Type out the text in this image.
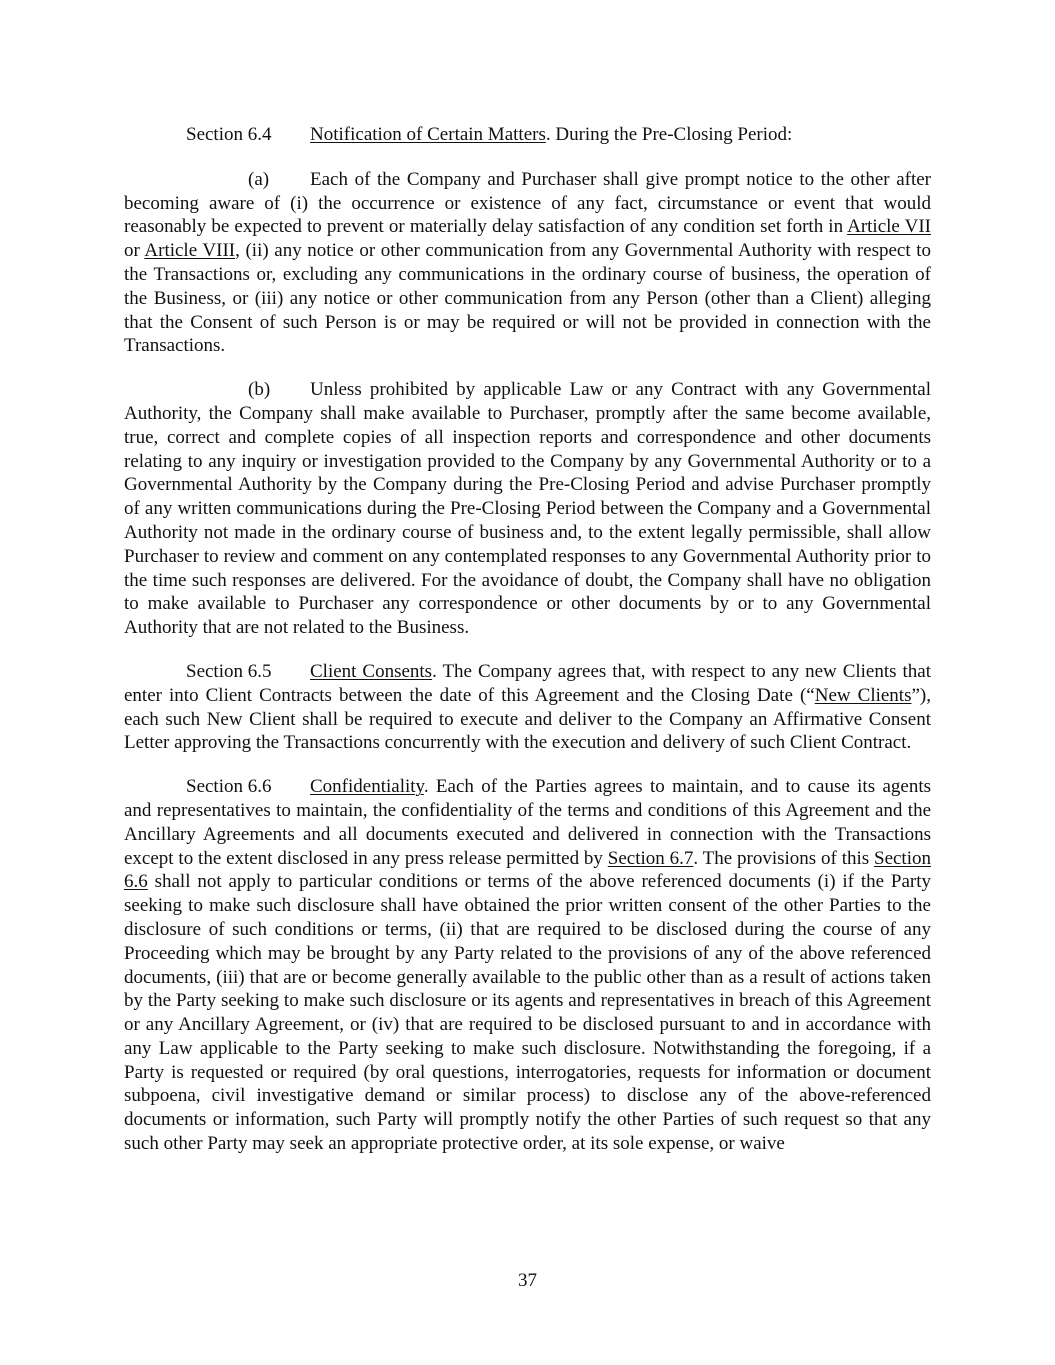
Section 6.4 Notification of Certain Matters. During the Pre-Closing Period:

(a) Each of the Company and Purchaser shall give prompt notice to the other after becoming aware of (i) the occurrence or existence of any fact, circumstance or event that would reasonably be expected to prevent or materially delay satisfaction of any condition set forth in Article VII or Article VIII, (ii) any notice or other communication from any Governmental Authority with respect to the Transactions or, excluding any communications in the ordinary course of business, the operation of the Business, or (iii) any notice or other communication from any Person (other than a Client) alleging that the Consent of such Person is or may be required or will not be provided in connection with the Transactions.

(b) Unless prohibited by applicable Law or any Contract with any Governmental Authority, the Company shall make available to Purchaser, promptly after the same become available, true, correct and complete copies of all inspection reports and correspondence and other documents relating to any inquiry or investigation provided to the Company by any Governmental Authority or to a Governmental Authority by the Company during the Pre-Closing Period and advise Purchaser promptly of any written communications during the Pre-Closing Period between the Company and a Governmental Authority not made in the ordinary course of business and, to the extent legally permissible, shall allow Purchaser to review and comment on any contemplated responses to any Governmental Authority prior to the time such responses are delivered. For the avoidance of doubt, the Company shall have no obligation to make available to Purchaser any correspondence or other documents by or to any Governmental Authority that are not related to the Business.

Section 6.5 Client Consents. The Company agrees that, with respect to any new Clients that enter into Client Contracts between the date of this Agreement and the Closing Date (“New Clients”), each such New Client shall be required to execute and deliver to the Company an Affirmative Consent Letter approving the Transactions concurrently with the execution and delivery of such Client Contract.

Section 6.6 Confidentiality. Each of the Parties agrees to maintain, and to cause its agents and representatives to maintain, the confidentiality of the terms and conditions of this Agreement and the Ancillary Agreements and all documents executed and delivered in connection with the Transactions except to the extent disclosed in any press release permitted by Section 6.7. The provisions of this Section 6.6 shall not apply to particular conditions or terms of the above referenced documents (i) if the Party seeking to make such disclosure shall have obtained the prior written consent of the other Parties to the disclosure of such conditions or terms, (ii) that are required to be disclosed during the course of any Proceeding which may be brought by any Party related to the provisions of any of the above referenced documents, (iii) that are or become generally available to the public other than as a result of actions taken by the Party seeking to make such disclosure or its agents and representatives in breach of this Agreement or any Ancillary Agreement, or (iv) that are required to be disclosed pursuant to and in accordance with any Law applicable to the Party seeking to make such disclosure. Notwithstanding the foregoing, if a Party is requested or required (by oral questions, interrogatories, requests for information or document subpoena, civil investigative demand or similar process) to disclose any of the above-referenced documents or information, such Party will promptly notify the other Parties of such request so that any such other Party may seek an appropriate protective order, at its sole expense, or waive

37
